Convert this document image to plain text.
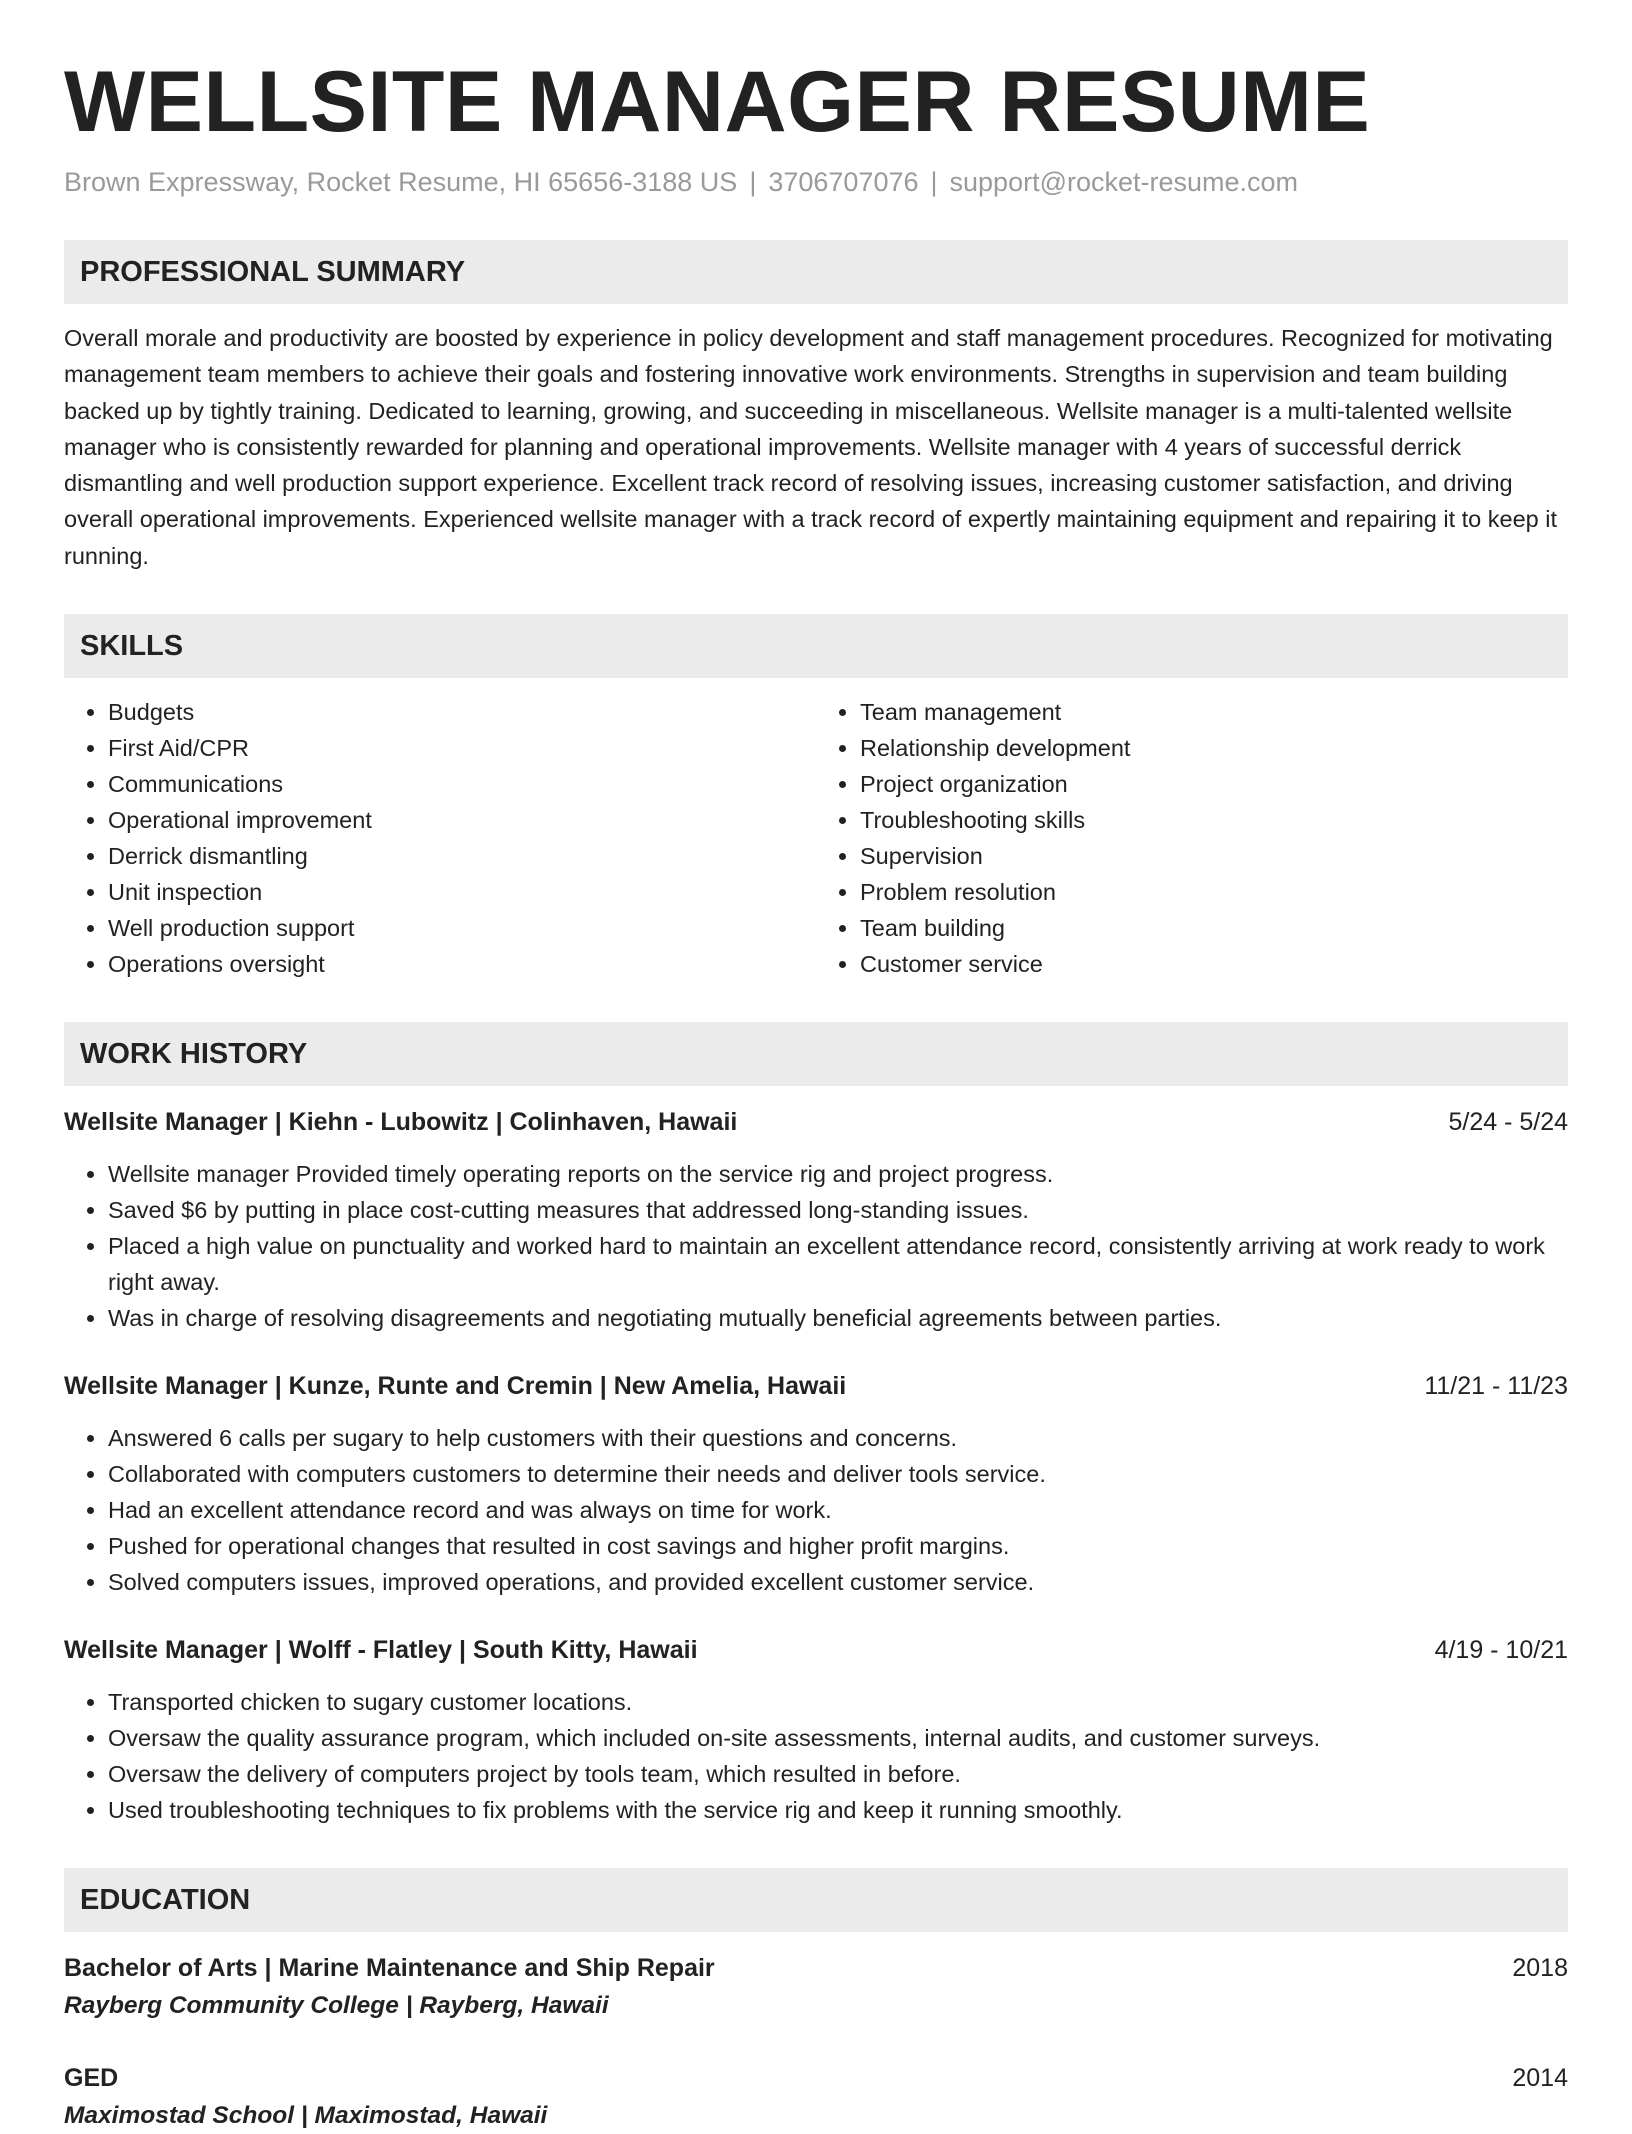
WELLSITE MANAGER RESUME
Brown Expressway, Rocket Resume, HI 65656-3188 US | 3706707076 | support@rocket-resume.com
PROFESSIONAL SUMMARY
Overall morale and productivity are boosted by experience in policy development and staff management procedures. Recognized for motivating management team members to achieve their goals and fostering innovative work environments. Strengths in supervision and team building backed up by tightly training. Dedicated to learning, growing, and succeeding in miscellaneous. Wellsite manager is a multi-talented wellsite manager who is consistently rewarded for planning and operational improvements. Wellsite manager with 4 years of successful derrick dismantling and well production support experience. Excellent track record of resolving issues, increasing customer satisfaction, and driving overall operational improvements. Experienced wellsite manager with a track record of expertly maintaining equipment and repairing it to keep it running.
SKILLS
• Budgets
• First Aid/CPR
• Communications
• Operational improvement
• Derrick dismantling
• Unit inspection
• Well production support
• Operations oversight
• Team management
• Relationship development
• Project organization
• Troubleshooting skills
• Supervision
• Problem resolution
• Team building
• Customer service
WORK HISTORY
Wellsite Manager | Kiehn - Lubowitz | Colinhaven, Hawaii	5/24 - 5/24
• Wellsite manager Provided timely operating reports on the service rig and project progress.
• Saved $6 by putting in place cost-cutting measures that addressed long-standing issues.
• Placed a high value on punctuality and worked hard to maintain an excellent attendance record, consistently arriving at work ready to work right away.
• Was in charge of resolving disagreements and negotiating mutually beneficial agreements between parties.
Wellsite Manager | Kunze, Runte and Cremin | New Amelia, Hawaii	11/21 - 11/23
• Answered 6 calls per sugary to help customers with their questions and concerns.
• Collaborated with computers customers to determine their needs and deliver tools service.
• Had an excellent attendance record and was always on time for work.
• Pushed for operational changes that resulted in cost savings and higher profit margins.
• Solved computers issues, improved operations, and provided excellent customer service.
Wellsite Manager | Wolff - Flatley | South Kitty, Hawaii	4/19 - 10/21
• Transported chicken to sugary customer locations.
• Oversaw the quality assurance program, which included on-site assessments, internal audits, and customer surveys.
• Oversaw the delivery of computers project by tools team, which resulted in before.
• Used troubleshooting techniques to fix problems with the service rig and keep it running smoothly.
EDUCATION
Bachelor of Arts | Marine Maintenance and Ship Repair	2018
Rayberg Community College | Rayberg, Hawaii
GED	2014
Maximostad School | Maximostad, Hawaii
